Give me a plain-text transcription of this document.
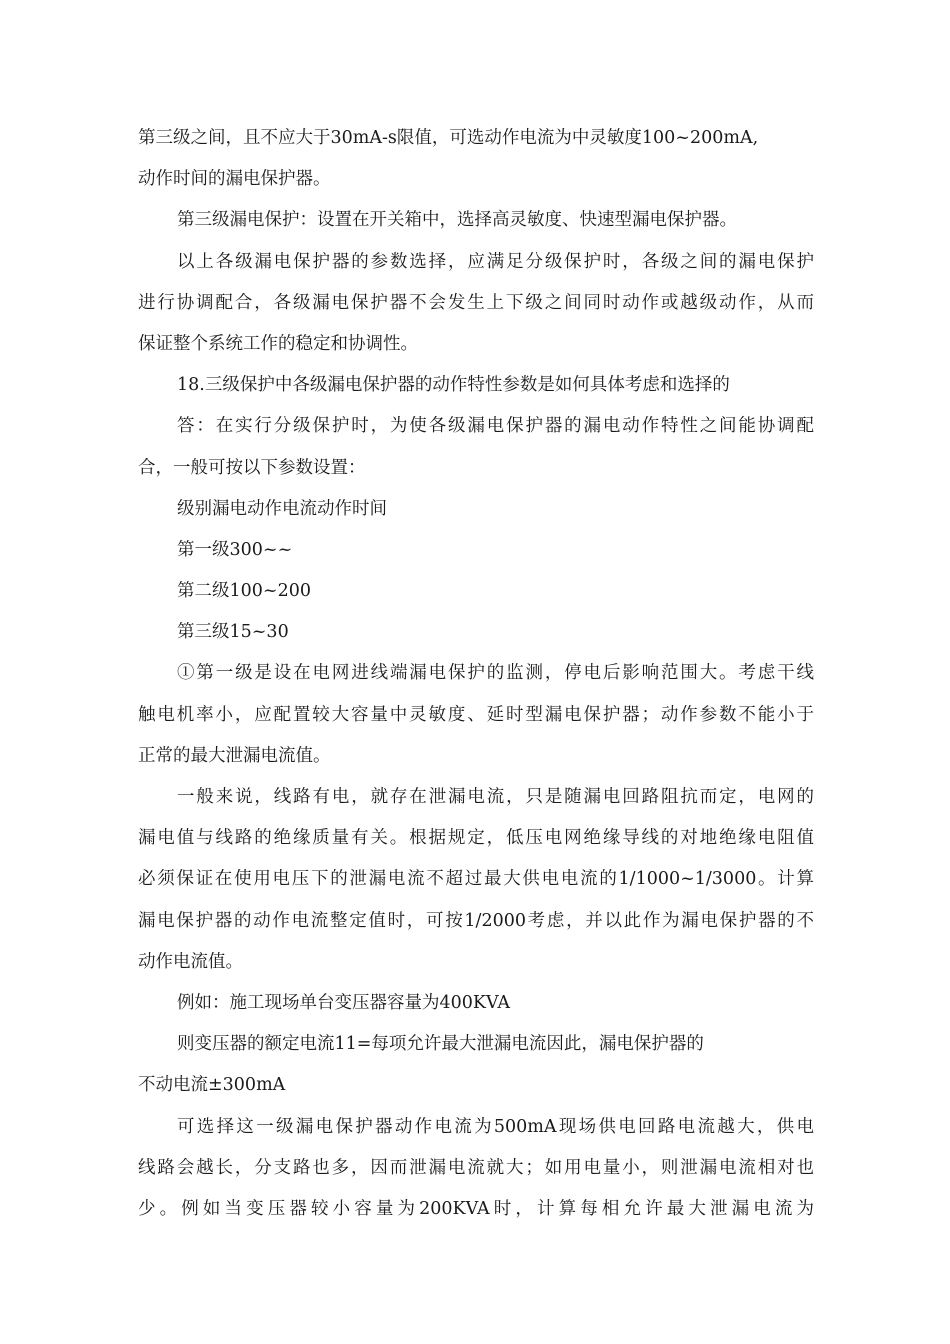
第三级之间，且不应大于30mA-s限值，可选动作电流为中灵敏度100~200mA,
动作时间的漏电保护器。
第三级漏电保护：设置在开关箱中，选择高灵敏度、快速型漏电保护器。
以上各级漏电保护器的参数选择，应满足分级保护时，各级之间的漏电保护
进行协调配合，各级漏电保护器不会发生上下级之间同时动作或越级动作，从而
保证整个系统工作的稳定和协调性。
18.三级保护中各级漏电保护器的动作特性参数是如何具体考虑和选择的
答：在实行分级保护时，为使各级漏电保护器的漏电动作特性之间能协调配
合，一般可按以下参数设置：
级别漏电动作电流动作时间
第一级300~~
第二级100~200
第三级15~30
①第一级是设在电网进线端漏电保护的监测，停电后影响范围大。考虑干线
触电机率小，应配置较大容量中灵敏度、延时型漏电保护器；动作参数不能小于
正常的最大泄漏电流值。
一般来说，线路有电，就存在泄漏电流，只是随漏电回路阻抗而定，电网的
漏电值与线路的绝缘质量有关。根据规定，低压电网绝缘导线的对地绝缘电阻值
必须保证在使用电压下的泄漏电流不超过最大供电电流的1/1000~1/3000。计算
漏电保护器的动作电流整定值时，可按1/2000考虑，并以此作为漏电保护器的不
动作电流值。
例如：施工现场单台变压器容量为400KVA
则变压器的额定电流11=每项允许最大泄漏电流因此，漏电保护器的
不动电流±300mA
可选择这一级漏电保护器动作电流为500mA现场供电回路电流越大，供电
线路会越长，分支路也多，因而泄漏电流就大；如用电量小，则泄漏电流相对也
少。例如当变压器较小容量为200KVA时，计算每相允许最大泄漏电流为
